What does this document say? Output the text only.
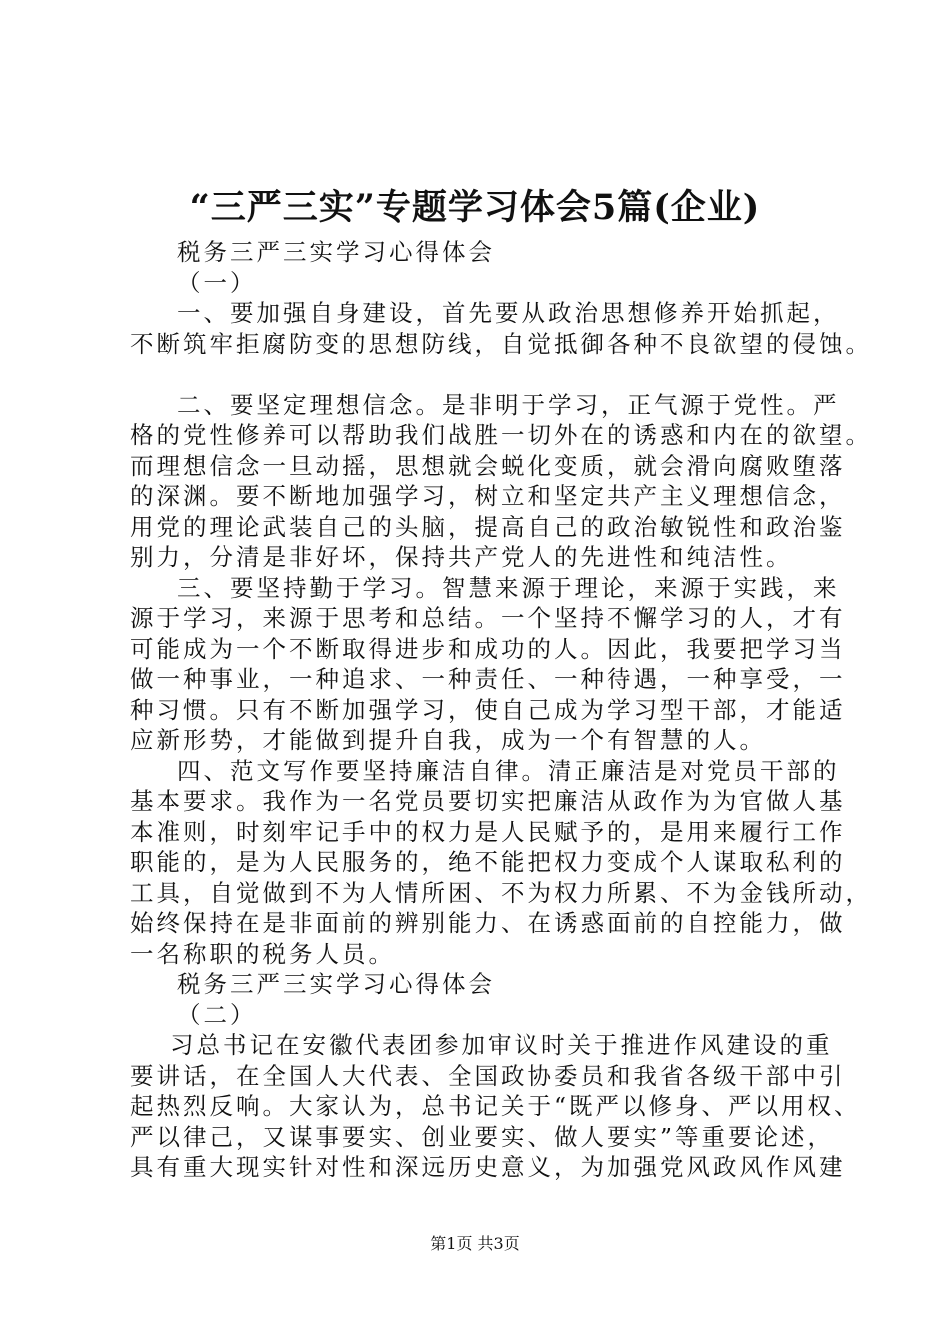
“三严三实”专题学习体会5篇(企业)
税务三严三实学习心得体会
（一）
一、要加强自身建设，首先要从政治思想修养开始抓起，
不断筑牢拒腐防变的思想防线，自觉抵御各种不良欲望的侵蚀。
二、要坚定理想信念。是非明于学习，正气源于党性。严
格的党性修养可以帮助我们战胜一切外在的诱惑和内在的欲望。
而理想信念一旦动摇，思想就会蜕化变质，就会滑向腐败堕落
的深渊。要不断地加强学习，树立和坚定共产主义理想信念，
用党的理论武装自己的头脑，提高自己的政治敏锐性和政治鉴
别力，分清是非好坏，保持共产党人的先进性和纯洁性。
三、要坚持勤于学习。智慧来源于理论，来源于实践，来
源于学习，来源于思考和总结。一个坚持不懈学习的人，才有
可能成为一个不断取得进步和成功的人。因此，我要把学习当
做一种事业，一种追求、一种责任、一种待遇，一种享受，一
种习惯。只有不断加强学习，使自己成为学习型干部，才能适
应新形势，才能做到提升自我，成为一个有智慧的人。
四、范文写作要坚持廉洁自律。清正廉洁是对党员干部的
基本要求。我作为一名党员要切实把廉洁从政作为为官做人基
本准则，时刻牢记手中的权力是人民赋予的，是用来履行工作
职能的，是为人民服务的，绝不能把权力变成个人谋取私利的
工具，自觉做到不为人情所困、不为权力所累、不为金钱所动，
始终保持在是非面前的辨别能力、在诱惑面前的自控能力，做
一名称职的税务人员。
税务三严三实学习心得体会
（二）
习总书记在安徽代表团参加审议时关于推进作风建设的重
要讲话，在全国人大代表、全国政协委员和我省各级干部中引
起热烈反响。大家认为，总书记关于“既严以修身、严以用权、
严以律己，又谋事要实、创业要实、做人要实”等重要论述，
具有重大现实针对性和深远历史意义，为加强党风政风作风建
第1页 共3页
